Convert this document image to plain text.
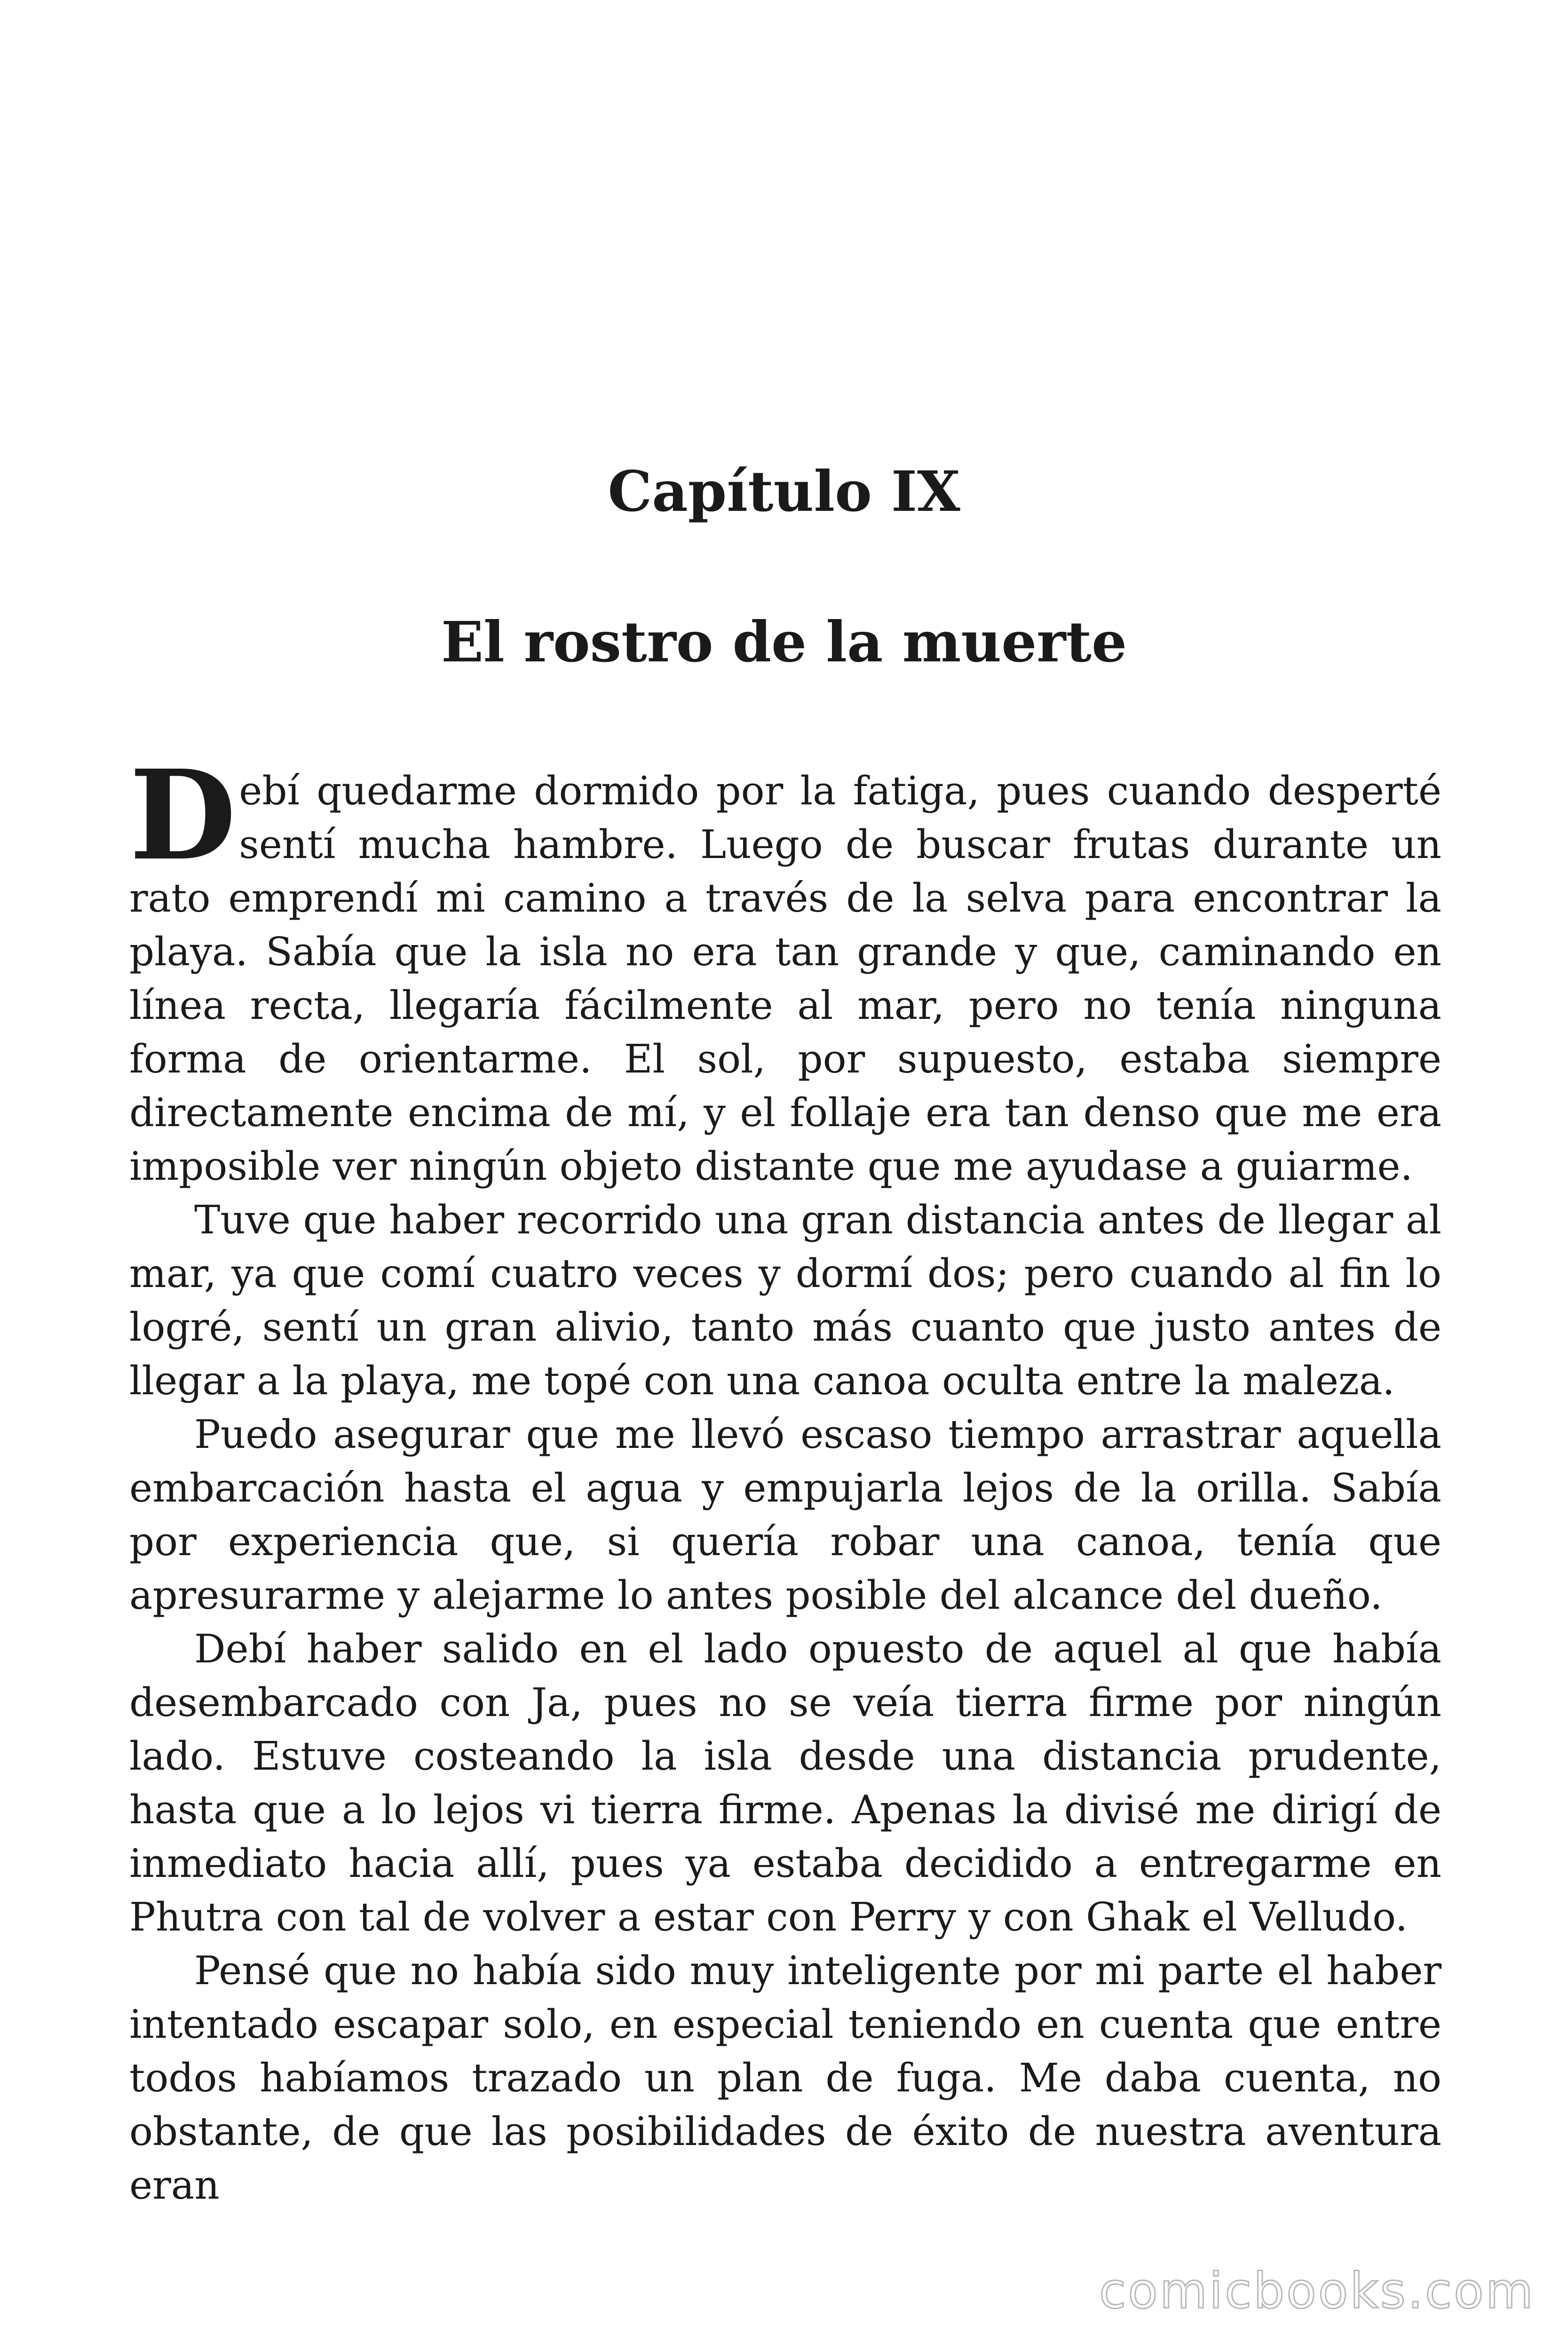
Capítulo IX
El rostro de la muerte

Debí quedarme dormido por la fatiga, pues cuando desperté sentí mucha hambre. Luego de buscar frutas durante un rato emprendí mi camino a través de la selva para encontrar la playa. Sabía que la isla no era tan grande y que, caminando en línea recta, llegaría fácilmente al mar, pero no tenía ninguna forma de orientarme. El sol, por supuesto, estaba siempre directamente encima de mí, y el follaje era tan denso que me era imposible ver ningún objeto distante que me ayudase a guiarme.

Tuve que haber recorrido una gran distancia antes de llegar al mar, ya que comí cuatro veces y dormí dos; pero cuando al fin lo logré, sentí un gran alivio, tanto más cuanto que justo antes de llegar a la playa, me topé con una canoa oculta entre la maleza.

Puedo asegurar que me llevó escaso tiempo arrastrar aquella embarcación hasta el agua y empujarla lejos de la orilla. Sabía por experiencia que, si quería robar una canoa, tenía que apresurarme y alejarme lo antes posible del alcance del dueño.

Debí haber salido en el lado opuesto de aquel al que había desembarcado con Ja, pues no se veía tierra firme por ningún lado. Estuve costeando la isla desde una distancia prudente, hasta que a lo lejos vi tierra firme. Apenas la divisé me dirigí de inmediato hacia allí, pues ya estaba decidido a entregarme en Phutra con tal de volver a estar con Perry y con Ghak el Velludo.

Pensé que no había sido muy inteligente por mi parte el haber intentado escapar solo, en especial teniendo en cuenta que entre todos habíamos trazado un plan de fuga. Me daba cuenta, no obstante, de que las posibilidades de éxito de nuestra aventura eran

comicbooks.com
